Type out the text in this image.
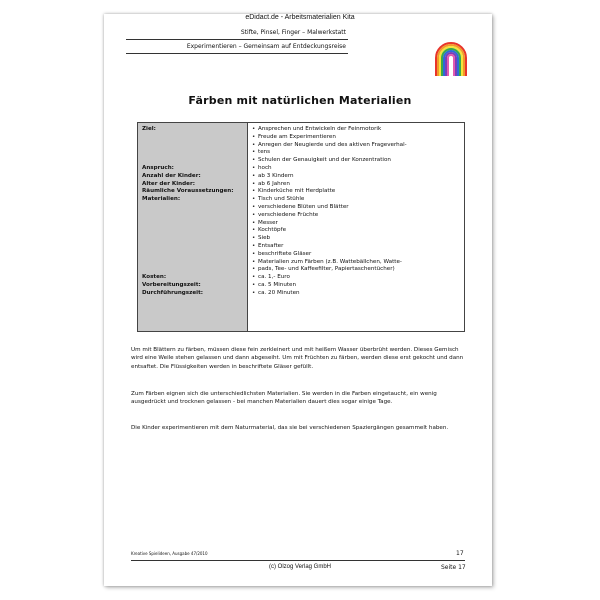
eDidact.de - Arbeitsmaterialien Kita
Stifte, Pinsel, Finger – Malwerkstatt
Experimentieren – Gemeinsam auf Entdeckungsreise
Färben mit natürlichen Materialien
Ziel:
Anspruch:
Anzahl der Kinder:
Alter der Kinder:
Räumliche Voraussetzungen:
Materialien:
Kosten:
Vorbereitungszeit:
Durchführungszeit:
• Ansprechen und Entwickeln der Feinmotorik
• Freude am Experimentieren
• Anregen der Neugierde und des aktiven Frageverhal-
• tens
• Schulen der Genauigkeit und der Konzentration
• hoch
• ab 3 Kindern
• ab 6 Jahren
• Kinderküche mit Herdplatte
• Tisch und Stühle
• verschiedene Blüten und Blätter
• verschiedene Früchte
• Messer
• Kochtöpfe
• Sieb
• Entsafter
• beschriftete Gläser
• Materialien zum Färben (z.B. Wattebällchen, Watte-
• pads, Tee- und Kaffeefilter, Papiertaschentücher)
• ca. 1,- Euro
• ca. 5 Minuten
• ca. 20 Minuten
Um mit Blättern zu färben, müssen diese fein zerkleinert und mit heißem Wasser überbrüht werden. Dieses Gemisch wird eine Weile stehen gelassen und dann abgeseiht. Um mit Früchten zu färben, werden diese erst gekocht und dann entsaftet. Die Flüssigkeiten werden in beschriftete Gläser gefüllt.
Zum Färben eignen sich die unterschiedlichsten Materialien. Sie werden in die Farben eingetaucht, ein wenig ausgedrückt und trocknen gelassen - bei manchen Materialien dauert dies sogar einige Tage.
Die Kinder experimentieren mit dem Naturmaterial, das sie bei verschiedenen Spaziergängen gesammelt haben.
Kreative Spielideen, Ausgabe 47/2010	17
(c) Olzog Verlag GmbH	Seite 17
